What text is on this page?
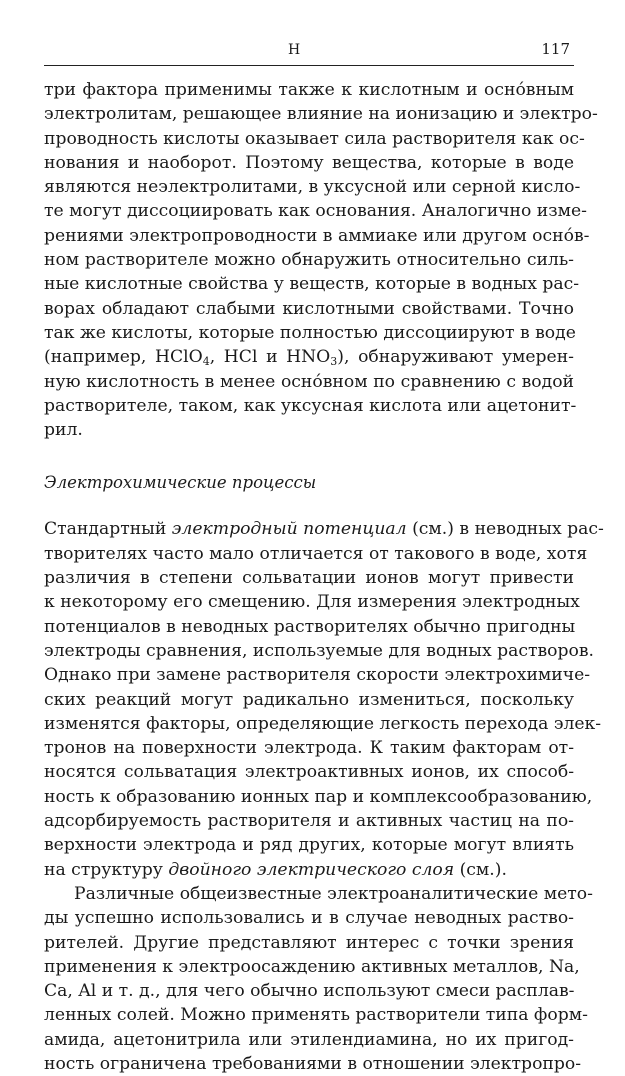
Н	117
три фактора применимы также к кислотным и осно́вным
электролитам, решающее влияние на ионизацию и электро-
проводность кислоты оказывает сила растворителя как ос-
нования и наоборот. Поэтому вещества, которые в воде
являются неэлектролитами, в уксусной или серной кисло-
те могут диссоциировать как основания. Аналогично изме-
рениями электропроводности в аммиаке или другом осно́в-
ном растворителе можно обнаружить относительно силь-
ные кислотные свойства у веществ, которые в водных рас-
ворах обладают слабыми кислотными свойствами. Точно
так же кислоты, которые полностью диссоциируют в воде
(например, HClO$_4$, HCl и $HNO_3$), обнаруживают умерен-
ную кислотность в менее осно́вном по сравнению с водой
растворителе, таком, как уксусная кислота или ацетонит-
рил.
Электрохимические процессы
Стандартный электродный потенциал (см.) в неводных рас-
творителях часто мало отличается от такового в воде, хотя
различия в степени сольватации ионов могут привести
к некоторому его смещению. Для измерения электродных
потенциалов в неводных растворителях обычно пригодны
электроды сравнения, используемые для водных растворов.
Однако при замене растворителя скорости электрохимиче-
ских реакций могут радикально измениться, поскольку
изменятся факторы, определяющие легкость перехода элек-
тронов на поверхности электрода. К таким факторам от-
носятся сольватация электроактивных ионов, их способ-
ность к образованию ионных пар и комплексообразованию,
адсорбируемость растворителя и активных частиц на по-
верхности электрода и ряд других, которые могут влиять
на структуру двойного электрического слоя (см.).
Различные общеизвестные электроаналитические мето-
ды успешно использовались и в случае неводных раство-
рителей. Другие представляют интерес с точки зрения
применения к электроосаждению активных металлов, Na,
Ca, Al и т. д., для чего обычно используют смеси расплав-
ленных солей. Можно применять растворители типа форм-
амида, ацетонитрила или этилендиамина, но их пригод-
ность ограничена требованиями в отношении электропро-
